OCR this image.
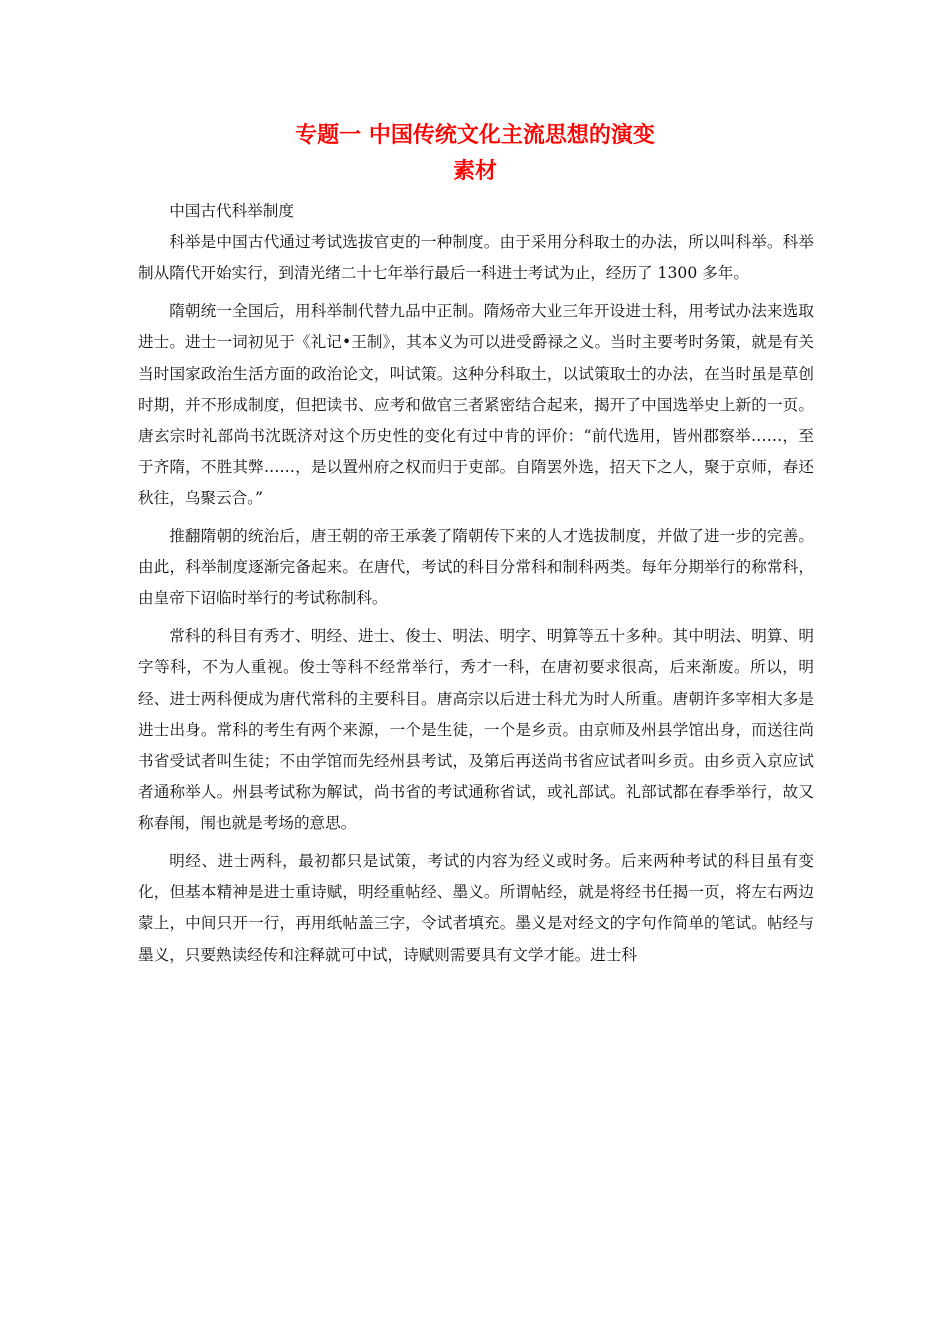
专题一 中国传统文化主流思想的演变
素材
中国古代科举制度

科举是中国古代通过考试选拔官吏的一种制度。由于采用分科取士的办法，所以叫科举。科举制从隋代开始实行，到清光绪二十七年举行最后一科进士考试为止，经历了 1300 多年。

隋朝统一全国后，用科举制代替九品中正制。隋炀帝大业三年开设进士科，用考试办法来选取进士。进士一词初见于《礼记•王制》，其本义为可以进受爵禄之义。当时主要考时务策，就是有关当时国家政治生活方面的政治论文，叫试策。这种分科取土，以试策取士的办法，在当时虽是草创时期，并不形成制度，但把读书、应考和做官三者紧密结合起来，揭开了中国选举史上新的一页。唐玄宗时礼部尚书沈既济对这个历史性的变化有过中肯的评价：“前代选用，皆州郡察举……，至于齐隋，不胜其弊……，是以置州府之权而归于吏部。自隋罢外选，招天下之人，聚于京师，春还秋往，乌聚云合。”

推翻隋朝的统治后，唐王朝的帝王承袭了隋朝传下来的人才选拔制度，并做了进一步的完善。由此，科举制度逐渐完备起来。在唐代，考试的科目分常科和制科两类。每年分期举行的称常科，由皇帝下诏临时举行的考试称制科。

常科的科目有秀才、明经、进士、俊士、明法、明字、明算等五十多种。其中明法、明算、明字等科，不为人重视。俊士等科不经常举行，秀才一科，在唐初要求很高，后来渐废。所以，明经、进士两科便成为唐代常科的主要科目。唐高宗以后进士科尤为时人所重。唐朝许多宰相大多是进士出身。常科的考生有两个来源，一个是生徒，一个是乡贡。由京师及州县学馆出身，而送往尚书省受试者叫生徒；不由学馆而先经州县考试，及第后再送尚书省应试者叫乡贡。由乡贡入京应试者通称举人。州县考试称为解试，尚书省的考试通称省试，或礼部试。礼部试都在春季举行，故又称春闱，闱也就是考场的意思。

明经、进士两科，最初都只是试策，考试的内容为经义或时务。后来两种考试的科目虽有变化，但基本精神是进士重诗赋，明经重帖经、墨义。所谓帖经，就是将经书任揭一页，将左右两边蒙上，中间只开一行，再用纸帖盖三字，令试者填充。墨义是对经文的字句作简单的笔试。帖经与墨义，只要熟读经传和注释就可中试，诗赋则需要具有文学才能。进士科
